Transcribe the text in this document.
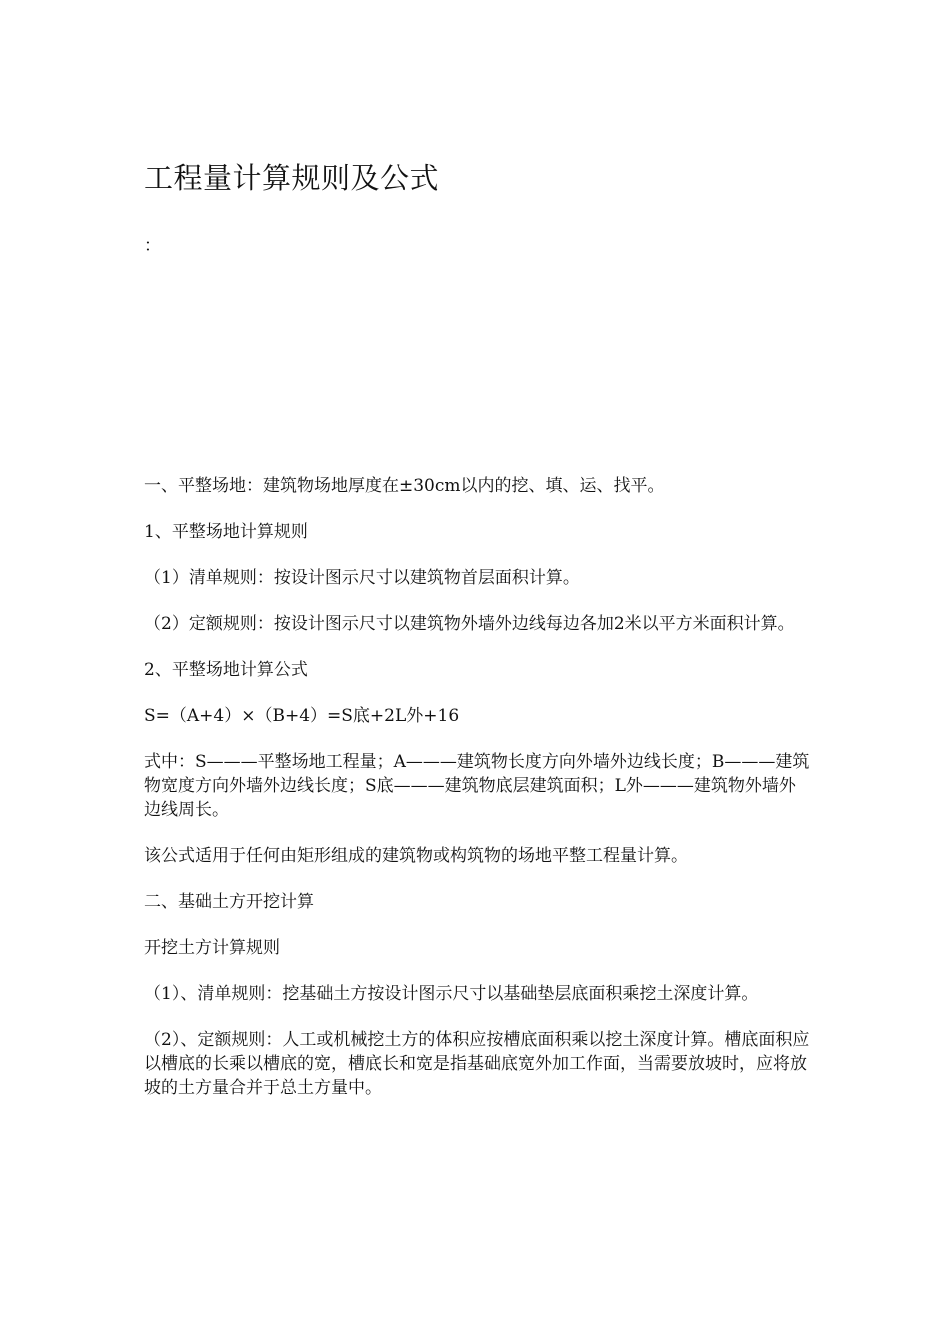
工程量计算规则及公式

：

一、平整场地：建筑物场地厚度在±30cm以内的挖、填、运、找平。

1、平整场地计算规则

（1）清单规则：按设计图示尺寸以建筑物首层面积计算。

（2）定额规则：按设计图示尺寸以建筑物外墙外边线每边各加2米以平方米面积计算。

2、平整场地计算公式

S=（A+4）×（B+4）=S底+2L外+16

式中：S———平整场地工程量；A———建筑物长度方向外墙外边线长度；B———建筑物宽度方向外墙外边线长度；S底———建筑物底层建筑面积；L外———建筑物外墙外边线周长。

该公式适用于任何由矩形组成的建筑物或构筑物的场地平整工程量计算。

二、基础土方开挖计算

开挖土方计算规则

（1）、清单规则：挖基础土方按设计图示尺寸以基础垫层底面积乘挖土深度计算。

（2）、定额规则：人工或机械挖土方的体积应按槽底面积乘以挖土深度计算。槽底面积应以槽底的长乘以槽底的宽，槽底长和宽是指基础底宽外加工作面，当需要放坡时，应将放坡的土方量合并于总土方量中。
